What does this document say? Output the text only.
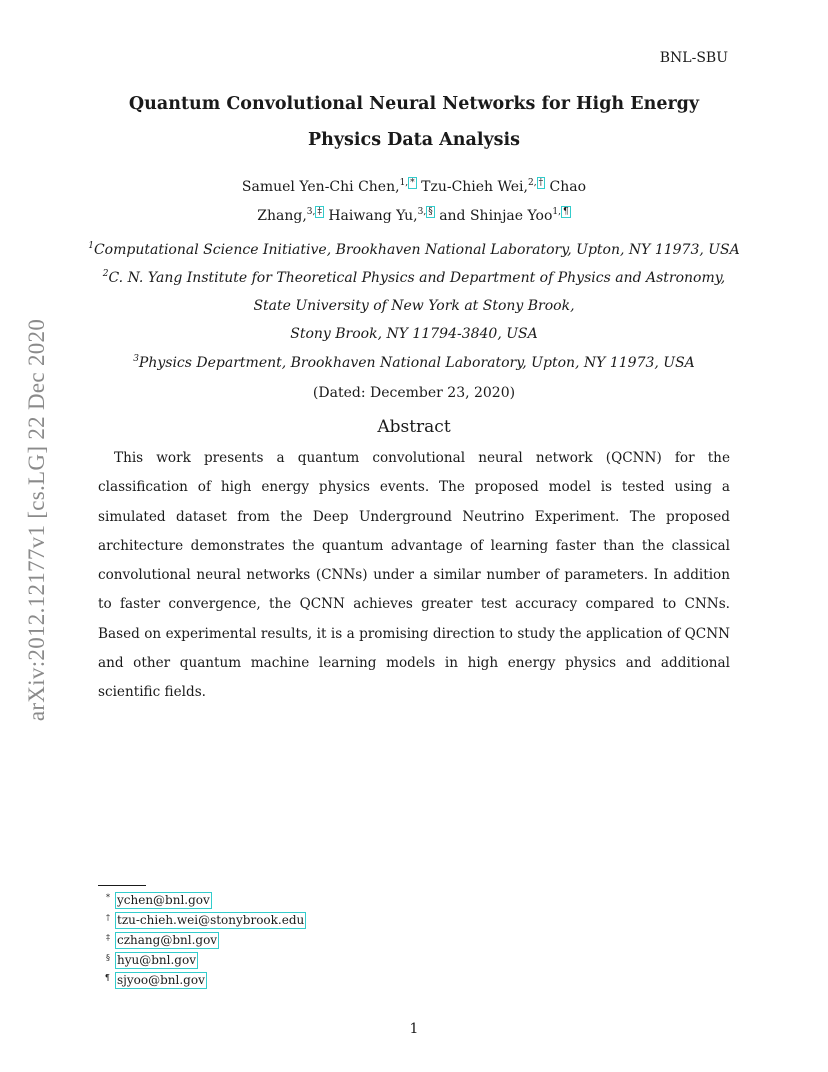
BNL-SBU
arXiv:2012.12177v1 [cs.LG] 22 Dec 2020
Quantum Convolutional Neural Networks for High Energy
Physics Data Analysis
Samuel Yen-Chi Chen,$^{1,}$ * Tzu-Chieh Wei,$^{2,}$ † Chao
Zhang,$^{3,}$ ‡ Haiwang Yu,$^{3,}$ § and Shinjae Yoo$^{1,}$ ¶
$^1$Computational Science Initiative, Brookhaven National Laboratory, Upton, NY 11973, USA
$^2$C. N. Yang Institute for Theoretical Physics and Department of Physics and Astronomy,
State University of New York at Stony Brook,
Stony Brook, NY 11794-3840, USA
$^3$Physics Department, Brookhaven National Laboratory, Upton, NY 11973, USA
(Dated: December 23, 2020)
Abstract

This work presents a quantum convolutional neural network (QCNN) for the classification of high energy physics events. The proposed model is tested using a simulated dataset from the Deep Underground Neutrino Experiment. The proposed architecture demonstrates the quantum advantage of learning faster than the classical convolutional neural networks (CNNs) under a similar number of parameters. In addition to faster convergence, the QCNN achieves greater test accuracy compared to CNNs. Based on experimental results, it is a promising direction to study the application of QCNN and other quantum machine learning models in high energy physics and additional scientific fields.

* ychen@bnl.gov
† tzu-chieh.wei@stonybrook.edu
‡ czhang@bnl.gov
§ hyu@bnl.gov
¶ sjyoo@bnl.gov
1
